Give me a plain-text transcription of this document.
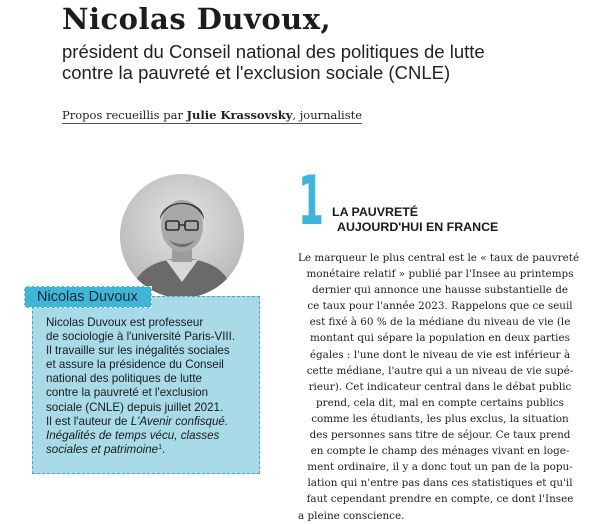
Nicolas Duvoux,
président du Conseil national des politiques de lutte
contre la pauvreté et l'exclusion sociale (CNLE)

Propos recueillis par Julie Krassovsky, journaliste

Nicolas Duvoux
Nicolas Duvoux est professeur
de sociologie à l'université Paris-VIII.
Il travaille sur les inégalités sociales
et assure la présidence du Conseil
national des politiques de lutte
contre la pauvreté et l'exclusion
sociale (CNLE) depuis juillet 2021.
Il est l'auteur de L'Avenir confisqué.
Inégalités de temps vécu, classes
sociales et patrimoine$^1$.
1 LA PAUVRETÉ
AUJOURD'HUI EN FRANCE
Le marqueur le plus central est le « taux de pauvreté
monétaire relatif » publié par l'Insee au printemps
dernier qui annonce une hausse substantielle de
ce taux pour l'année 2023. Rappelons que ce seuil
est fixé à 60 % de la médiane du niveau de vie (le
montant qui sépare la population en deux parties
égales : l'une dont le niveau de vie est inférieur à
cette médiane, l'autre qui a un niveau de vie supé-
rieur). Cet indicateur central dans le débat public
prend, cela dit, mal en compte certains publics
comme les étudiants, les plus exclus, la situation
des personnes sans titre de séjour. Ce taux prend
en compte le champ des ménages vivant en loge-
ment ordinaire, il y a donc tout un pan de la popu-
lation qui n'entre pas dans ces statistiques et qu'il
faut cependant prendre en compte, ce dont l'Insee
a pleine conscience.
